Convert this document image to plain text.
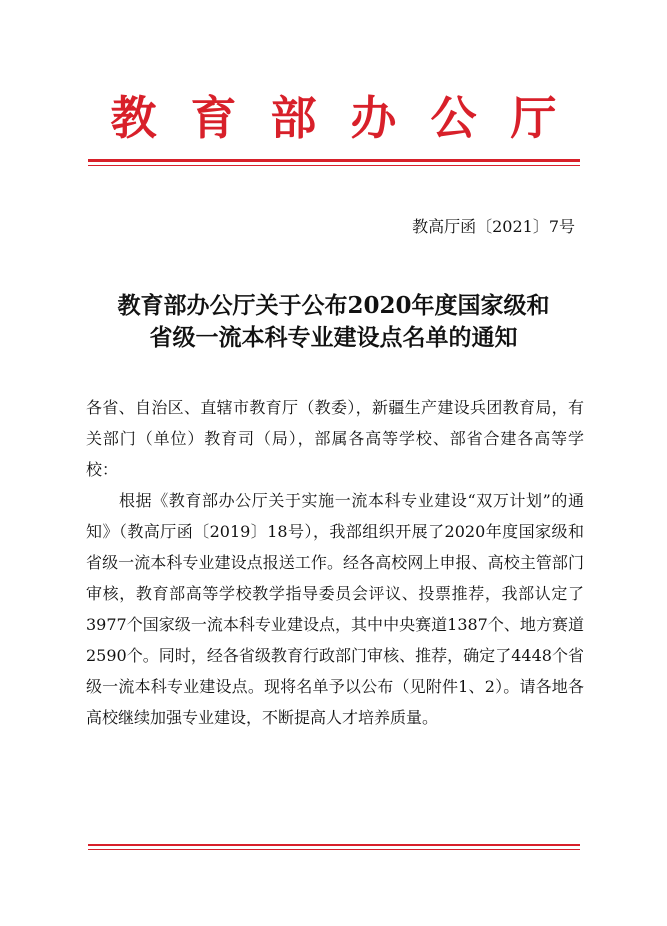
教育部办公厅
教高厅函〔2021〕7号
教育部办公厅关于公布2020年度国家级和
省级一流本科专业建设点名单的通知

各省、自治区、直辖市教育厅（教委），新疆生产建设兵团教育局，有关部门（单位）教育司（局），部属各高等学校、部省合建各高等学校：

根据《教育部办公厅关于实施一流本科专业建设“双万计划”的通知》（教高厅函〔2019〕18号），我部组织开展了2020年度国家级和省级一流本科专业建设点报送工作。经各高校网上申报、高校主管部门审核，教育部高等学校教学指导委员会评议、投票推荐，我部认定了3977个国家级一流本科专业建设点，其中中央赛道1387个、地方赛道2590个。同时，经各省级教育行政部门审核、推荐，确定了4448个省级一流本科专业建设点。现将名单予以公布（见附件1、2）。请各地各高校继续加强专业建设，不断提高人才培养质量。
